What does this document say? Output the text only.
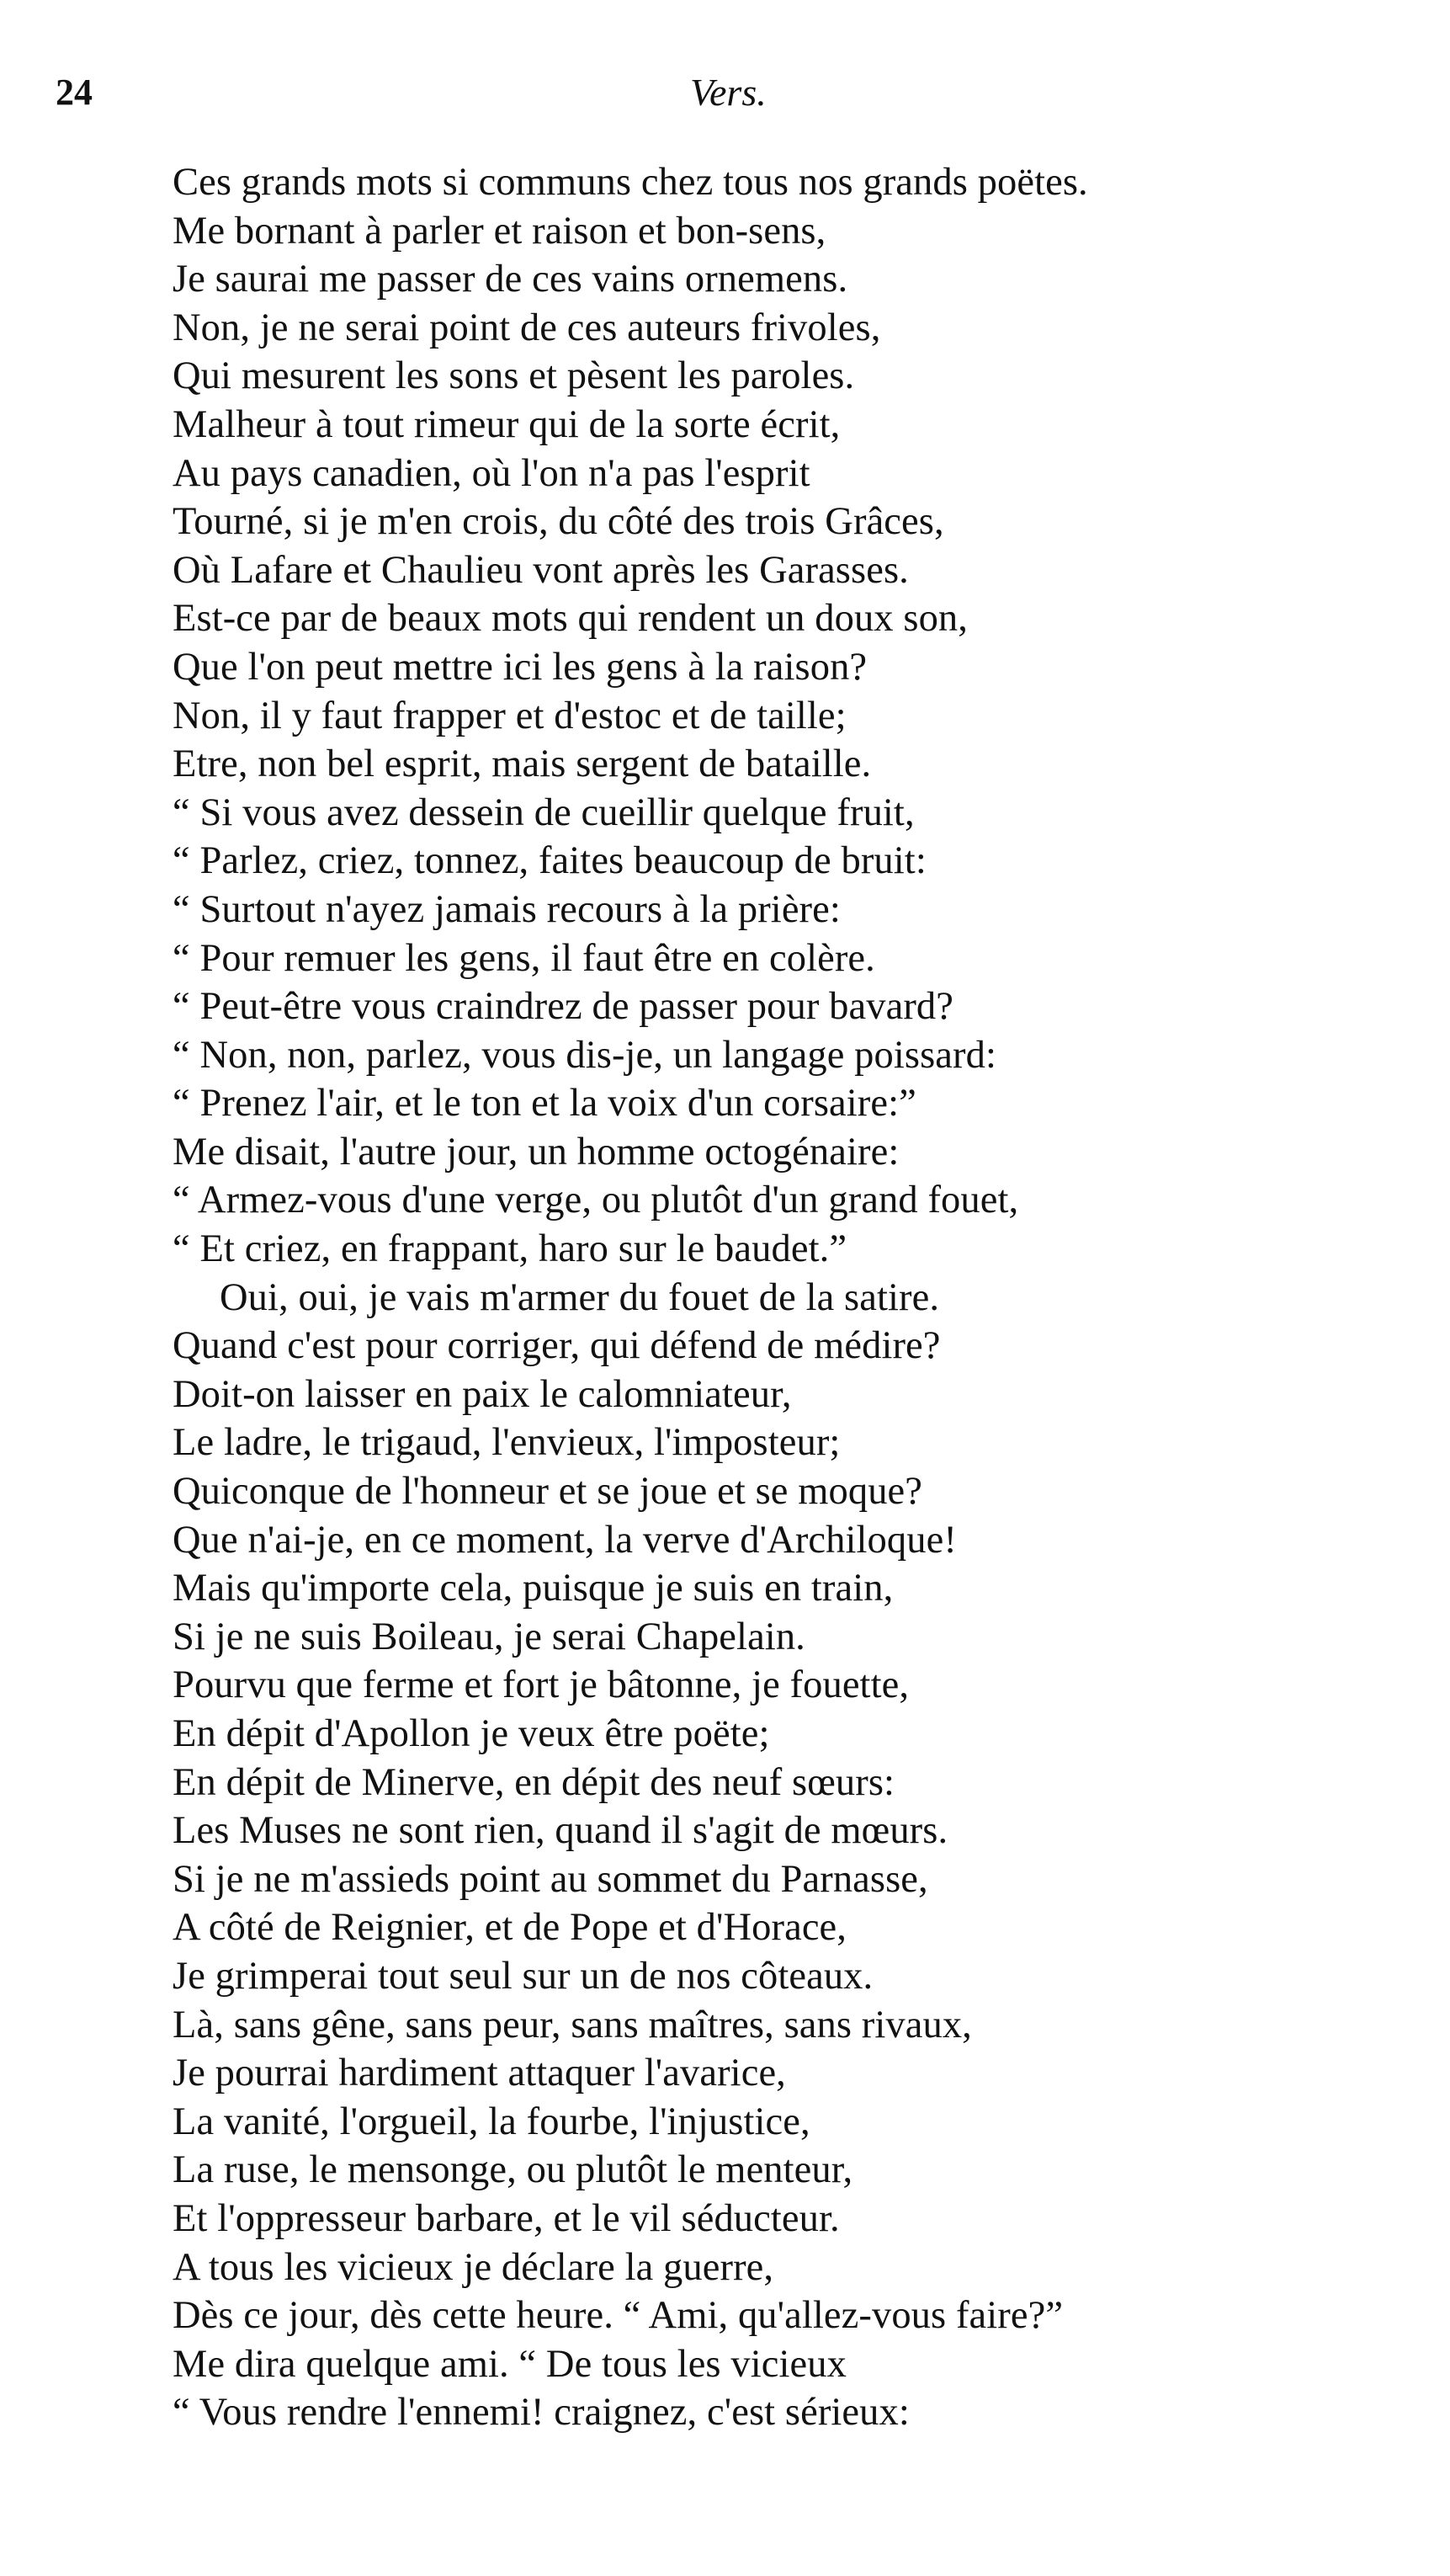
24	Vers.
Ces grands mots si communs chez tous nos grands poëtes.
Me bornant à parler et raison et bon-sens,
Je saurai me passer de ces vains ornemens.
Non, je ne serai point de ces auteurs frivoles,
Qui mesurent les sons et pèsent les paroles.
Malheur à tout rimeur qui de la sorte écrit,
Au pays canadien, où l'on n'a pas l'esprit
Tourné, si je m'en crois, du côté des trois Grâces,
Où Lafare et Chaulieu vont après les Garasses.
Est-ce par de beaux mots qui rendent un doux son,
Que l'on peut mettre ici les gens à la raison?
Non, il y faut frapper et d'estoc et de taille;
Etre, non bel esprit, mais sergent de bataille.
“ Si vous avez dessein de cueillir quelque fruit,
“ Parlez, criez, tonnez, faites beaucoup de bruit:
“ Surtout n'ayez jamais recours à la prière:
“ Pour remuer les gens, il faut être en colère.
“ Peut-être vous craindrez de passer pour bavard?
“ Non, non, parlez, vous dis-je, un langage poissard:
“ Prenez l'air, et le ton et la voix d'un corsaire:”
Me disait, l'autre jour, un homme octogénaire:
“ Armez-vous d'une verge, ou plutôt d'un grand fouet,
“ Et criez, en frappant, haro sur le baudet.”
Oui, oui, je vais m'armer du fouet de la satire.
Quand c'est pour corriger, qui défend de médire?
Doit-on laisser en paix le calomniateur,
Le ladre, le trigaud, l'envieux, l'imposteur;
Quiconque de l'honneur et se joue et se moque?
Que n'ai-je, en ce moment, la verve d'Archiloque!
Mais qu'importe cela, puisque je suis en train,
Si je ne suis Boileau, je serai Chapelain.
Pourvu que ferme et fort je bâtonne, je fouette,
En dépit d'Apollon je veux être poëte;
En dépit de Minerve, en dépit des neuf sœurs:
Les Muses ne sont rien, quand il s'agit de mœurs.
Si je ne m'assieds point au sommet du Parnasse,
A côté de Reignier, et de Pope et d'Horace,
Je grimperai tout seul sur un de nos côteaux.
Là, sans gêne, sans peur, sans maîtres, sans rivaux,
Je pourrai hardiment attaquer l'avarice,
La vanité, l'orgueil, la fourbe, l'injustice,
La ruse, le mensonge, ou plutôt le menteur,
Et l'oppresseur barbare, et le vil séducteur.
A tous les vicieux je déclare la guerre,
Dès ce jour, dès cette heure. “ Ami, qu'allez-vous faire?”
Me dira quelque ami. “ De tous les vicieux
“ Vous rendre l'ennemi! craignez, c'est sérieux:
